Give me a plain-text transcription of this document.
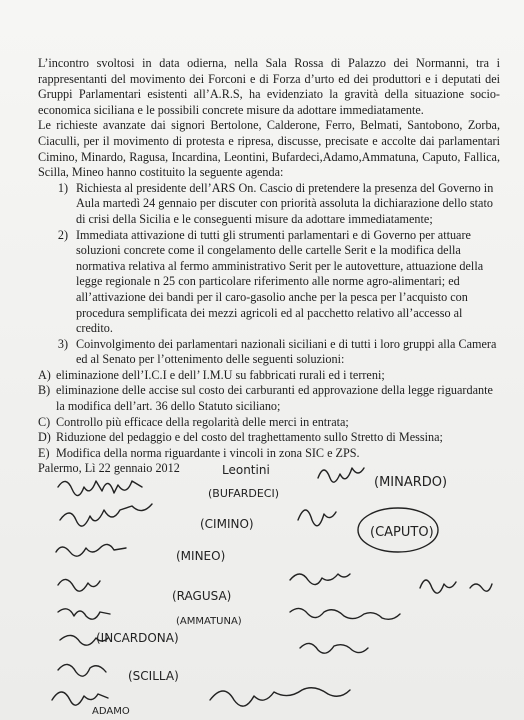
L’incontro svoltosi in data odierna, nella Sala Rossa di Palazzo dei Normanni, tra i rappresentanti del movimento dei Forconi e di Forza d’urto ed dei produttori e i deputati dei Gruppi Parlamentari esistenti all’A.R.S, ha evidenziato la gravità della situazione socio-economica siciliana e le possibili concrete misure da adottare immediatamente.

Le richieste avanzate dai signori Bertolone, Calderone, Ferro, Belmati, Santobono, Zorba, Ciaculli, per il movimento di protesta e ripresa, discusse, precisate e accolte dai parlamentari Cimino, Minardo, Ragusa, Incardina, Leontini, Bufardeci,Adamo,Ammatuna, Caputo, Fallica, Scilla, Mineo hanno costituito la seguente agenda:

1) Richiesta al presidente dell’ARS On. Cascio di pretendere la presenza del Governo in Aula martedì 24 gennaio per discuter con priorità assoluta la dichiarazione dello stato di crisi della Sicilia e le conseguenti misure da adottare immediatamente;
2) Immediata attivazione di tutti gli strumenti parlamentari e di Governo per attuare soluzioni concrete come il congelamento delle cartelle Serit e la modifica della normativa relativa al fermo amministrativo Serit per le autovetture, attuazione della legge regionale n 25 con particolare riferimento alle norme agro-alimentari; ed all’attivazione dei bandi per il caro-gasolio anche per la pesca per l’acquisto con procedura semplificata dei mezzi agricoli ed al pacchetto relativo all’accesso al credito.
3) Coinvolgimento dei parlamentari nazionali siciliani e di tutti i loro gruppi alla Camera ed al Senato per l’ottenimento delle seguenti soluzioni:
A) eliminazione dell’I.C.I e dell’ I.M.U su fabbricati rurali ed i terreni;
B) eliminazione delle accise sul costo dei carburanti ed approvazione della legge riguardante la modifica dell’art. 36 dello Statuto siciliano;
C) Controllo più efficace della regolarità delle merci in entrata;
D) Riduzione del pedaggio e del costo del traghettamento sullo Stretto di Messina;
E) Modifica della norma riguardante i vincoli in zona SIC e ZPS.

Palermo, Lì 22 gennaio 2012	Leontini
(BUFARDECI)
(MINARDO)
(CIMINO)
(CAPUTO)
(MINEO)
(RAGUSA)
(AMMATUNA)
(INCARDONA)
(SCILLA)
ADAMO
